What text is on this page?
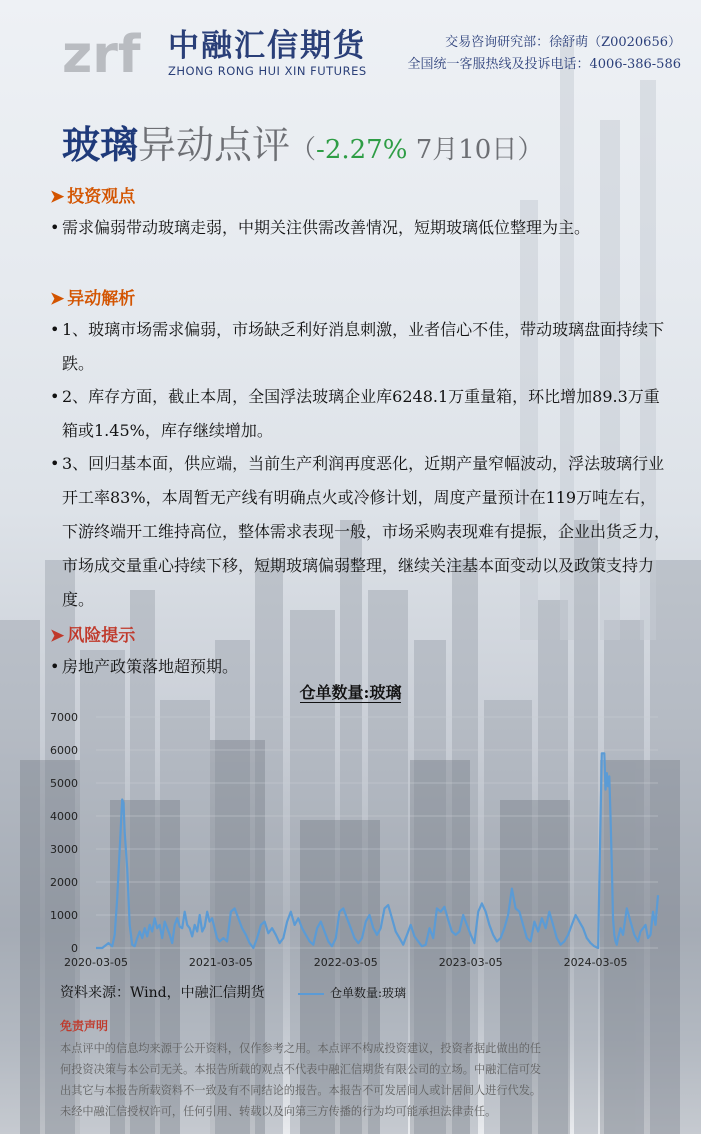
zrf 中融汇信期货
ZHONG RONG HUI XIN FUTURES
交易咨询研究部：徐舒萌（Z0020656）
全国统一客服热线及投诉电话：4006-386-586
玻璃异动点评（-2.27% 7月10日）
➤ 投资观点
• 需求偏弱带动玻璃走弱，中期关注供需改善情况，短期玻璃低位整理为主。
➤ 异动解析
• 1、玻璃市场需求偏弱，市场缺乏利好消息刺激，业者信心不佳，带动玻璃盘面持续下跌。
• 2、库存方面，截止本周，全国浮法玻璃企业库6248.1万重量箱，环比增加89.3万重箱或1.45%，库存继续增加。
• 3、回归基本面，供应端，当前生产利润再度恶化，近期产量窄幅波动，浮法玻璃行业开工率83%，本周暂无产线有明确点火或冷修计划，周度产量预计在119万吨左右，下游终端开工维持高位，整体需求表现一般，市场采购表现难有提振，企业出货乏力，市场成交量重心持续下移，短期玻璃偏弱整理，继续关注基本面变动以及政策支持力度。
➤ 风险提示
• 房地产政策落地超预期。
仓单数量:玻璃
0
1000
2000
3000
4000
5000
6000
7000
2020-03-05	2021-03-05	2022-03-05	2023-03-05	2024-03-05
资料来源：Wind，中融汇信期货	仓单数量:玻璃
免责声明
本点评中的信息均来源于公开资料，仅作参考之用。本点评不构成投资建议，投资者据此做出的任
何投资决策与本公司无关。本报告所载的观点不代表中融汇信期货有限公司的立场。中融汇信可发
出其它与本报告所载资料不一致及有不同结论的报告。本报告不可发居间人或计居间人进行代发。
未经中融汇信授权许可，任何引用、转载以及向第三方传播的行为均可能承担法律责任。
